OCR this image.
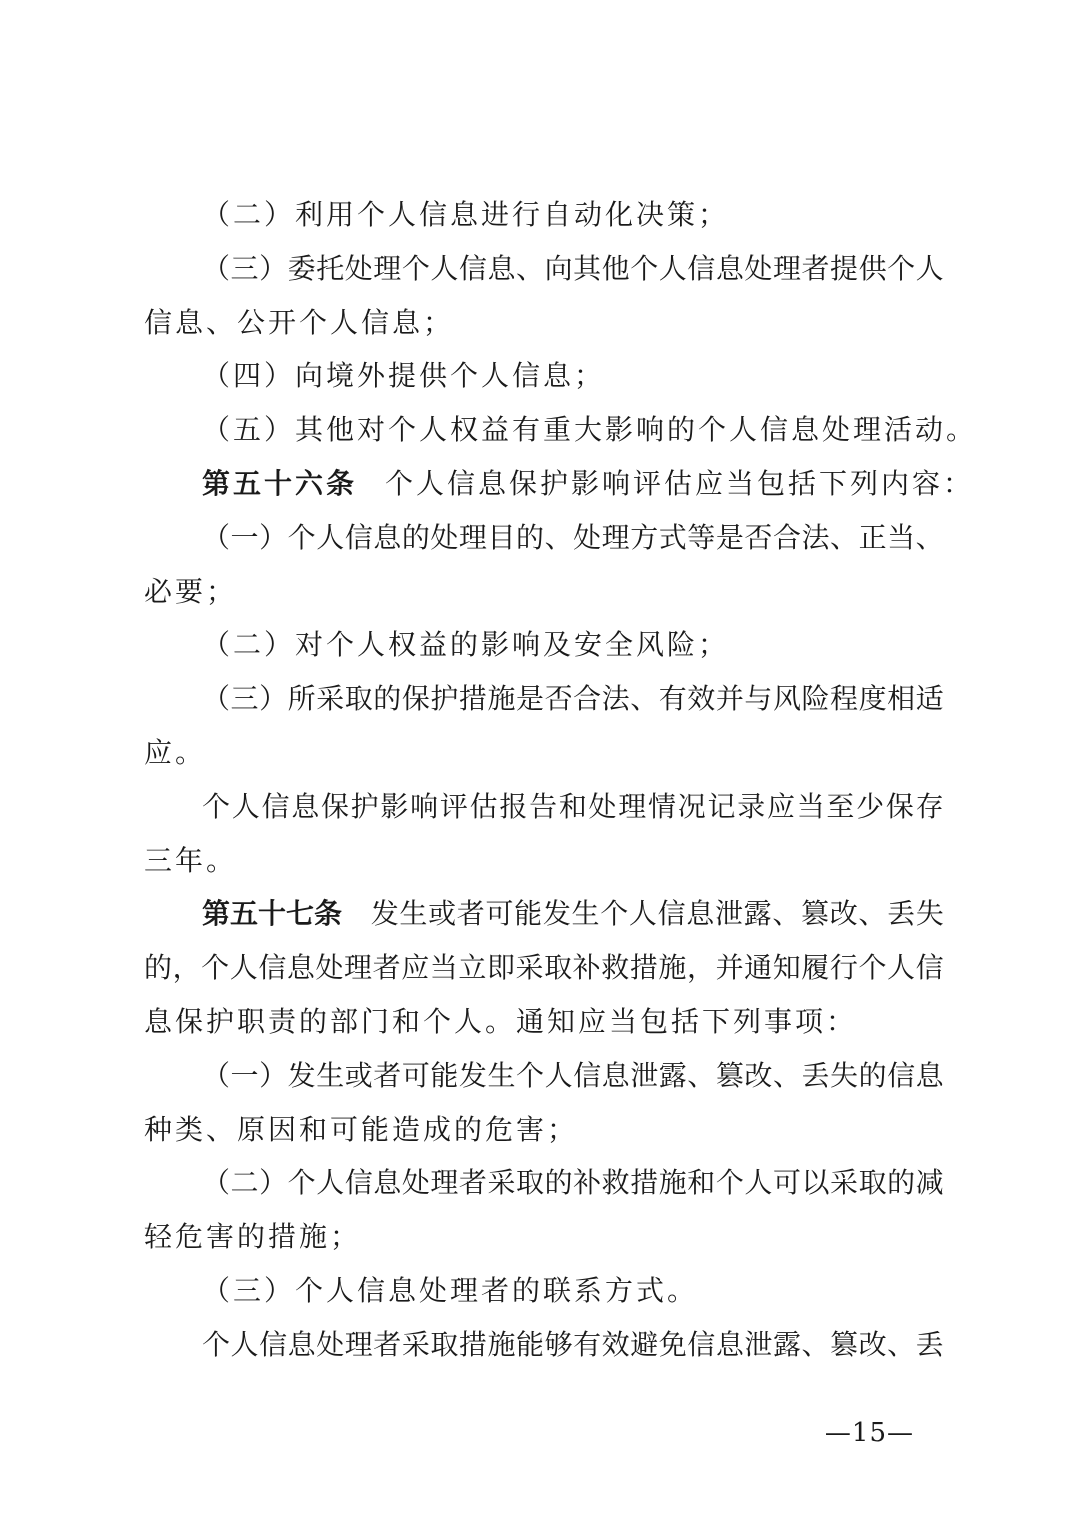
（二）利用个人信息进行自动化决策；
（ 三 ） 委 托 处 理 个 人 信 息 、 向 其 他 个 人 信 息 处 理 者 提 供 个 人
信息、公开个人信息；
（四）向境外提供个人信息；
（五）其他对个人权益有重大影响的个人信息处理活动。
第五十六条 个人信息保护影响评估应当包括下列内容：
（ 一 ） 个 人 信 息 的 处 理 目 的 、 处 理 方 式 等 是 否 合 法 、 正 当 、
必要；
（二）对个人权益的影响及安全风险；
（ 三 ） 所 采 取 的 保 护 措 施 是 否 合 法 、 有 效 并 与 风 险 程 度 相 适
应。
个 人 信 息 保 护 影 响 评 估 报 告 和 处 理 情 况 记 录 应 当 至 少 保 存
三年。
第五十七条 发 生 或 者 可 能 发 生 个 人 信 息 泄 露 、 篡 改 、 丢 失
的 ， 个 人 信 息 处 理 者 应 当 立 即 采 取 补 救 措 施 ， 并 通 知 履 行 个 人 信
息保护职责的部门和个人。通知应当包括下列事项：
（ 一 ） 发 生 或 者 可 能 发 生 个 人 信 息 泄 露 、 篡 改 、 丢 失 的 信 息
种类、原因和可能造成的危害；
（ 二 ） 个 人 信 息 处 理 者 采 取 的 补 救 措 施 和 个 人 可 以 采 取 的 减
轻危害的措施；
（三）个人信息处理者的联系方式。
个 人 信 息 处 理 者 采 取 措 施 能 够 有 效 避 免 信 息 泄 露 、 篡 改 、 丢
—15—
